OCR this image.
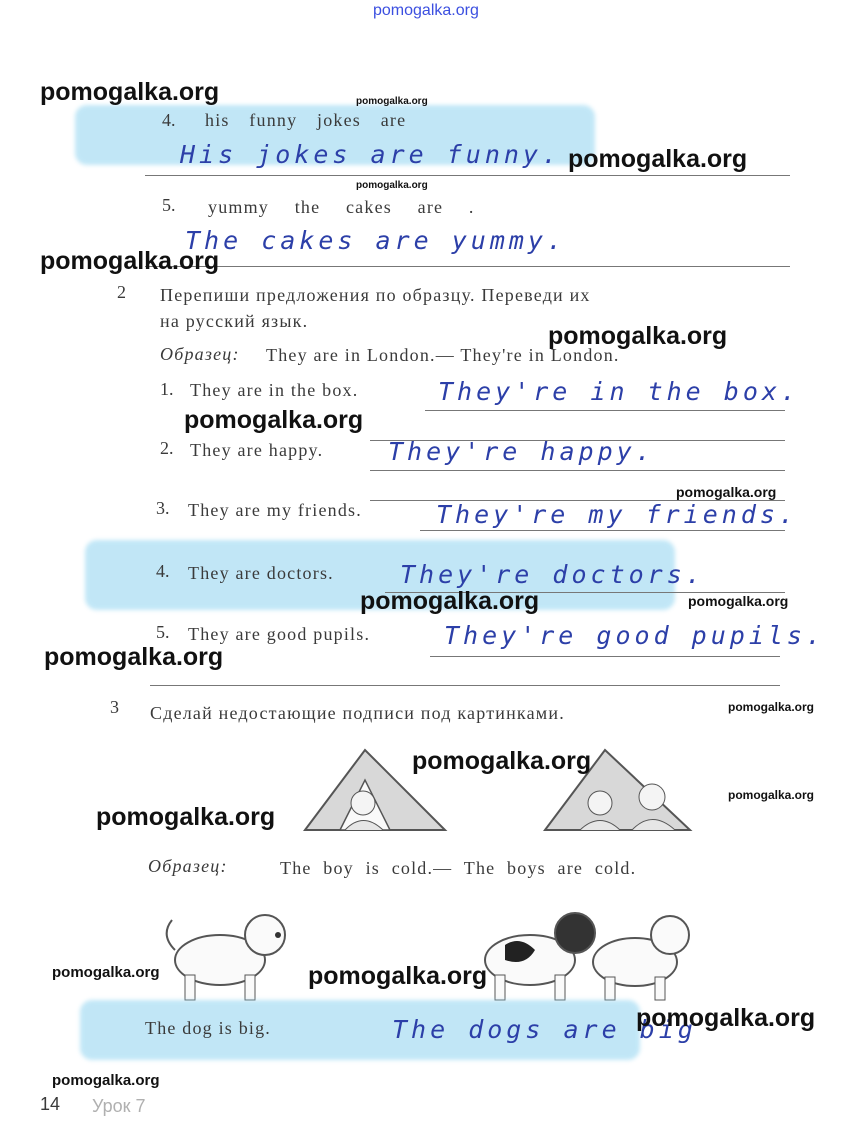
pomogalka.org
4. his funny jokes are
His jokes are funny.
5. yummy the cakes are .
The cakes are yummy.
2 Перепиши предложения по образцу. Переведи их
на русский язык.
Образец: They are in London.— They're in London.
1. They are in the box.	They're in the box.
2. They are happy.	They're happy.
3. They are my friends.	They're my friends.
4. They are doctors.	They're doctors.
5. They are good pupils.	They're good pupils.
3 Сделай недостающие подписи под картинками.
Образец:	The boy is cold.— The boys are cold.
The dog is big.	The dogs are big
14 Урок 7
pomogalka.org	pomogalka.org
pomogalka.org
pomogalka.org
pomogalka.org
pomogalka.org
pomogalka.org
pomogalka.org
pomogalka.org	pomogalka.org
pomogalka.org
pomogalka.org
pomogalka.org
pomogalka.org
pomogalka.org
pomogalka.org	pomogalka.org
pomogalka.org
pomogalka.org
